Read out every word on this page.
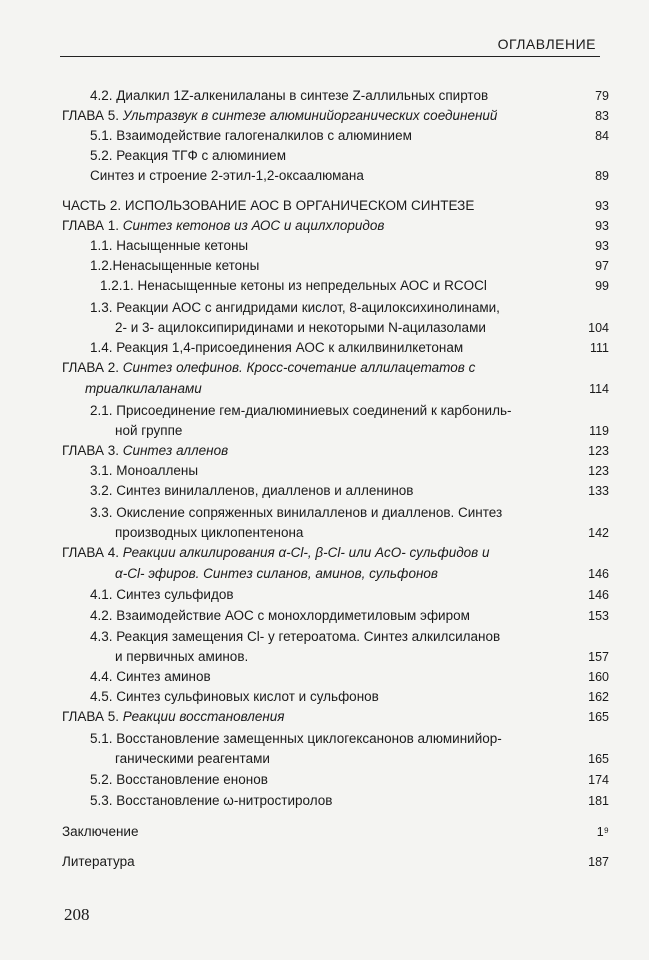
ОГЛАВЛЕНИЕ
4.2. Диалкил 1Z-алкенилаланы в синтезе Z-аллильных спиртов	79
ГЛАВА 5. Ультразвук в синтезе алюминийорганических соединений	83
5.1. Взаимодействие галогеналкилов с алюминием	84
5.2. Реакция ТГФ с алюминием
Синтез и строение 2-этил-1,2-оксаалюмана	89
ЧАСТЬ 2. ИСПОЛЬЗОВАНИЕ АОС В ОРГАНИЧЕСКОМ СИНТЕЗЕ	93
ГЛАВА 1. Синтез кетонов из АОС и ацилхлоридов	93
1.1. Насыщенные кетоны	93
1.2.Ненасыщенные кетоны	97
1.2.1. Ненасыщенные кетоны из непредельных АОС и RCOCl	99
1.3. Реакции АОС с ангидридами кислот, 8-ацилоксихинолинами,
2- и 3- ацилоксипиридинами и некоторыми N-ацилазолами	104
1.4. Реакция 1,4-присоединения АОС к алкилвинилкетонам	111
ГЛАВА 2. Синтез олефинов. Кросс-сочетание аллилацетатов с
триалкилаланами	114
2.1. Присоединение гем-диалюминиевых соединений к карбониль-
ной группе	119
ГЛАВА 3. Синтез алленов	123
3.1. Моноаллены	123
3.2. Синтез винилалленов, диалленов и алленинов	133
3.3. Окисление сопряженных винилалленов и диалленов. Синтез
производных циклопентенона	142
ГЛАВА 4. Реакции алкилирования α-Cl-, β-Cl- или AcO- сульфидов и
α-Cl- эфиров. Синтез силанов, аминов, сульфонов	146
4.1. Синтез сульфидов	146
4.2. Взаимодействие АОС с монохлордиметиловым эфиром	153
4.3. Реакция замещения Cl- у гетероатома. Синтез алкилсиланов
и первичных аминов.	157
4.4. Синтез аминов	160
4.5. Синтез сульфиновых кислот и сульфонов	162
ГЛАВА 5. Реакции восстановления	165
5.1. Восстановление замещенных циклогексанонов алюминийор-
ганическими реагентами	165
5.2. Восстановление енонов	174
5.3. Восстановление ω-нитростиролов	181
Заключение	1⁹
Литература	187
208
